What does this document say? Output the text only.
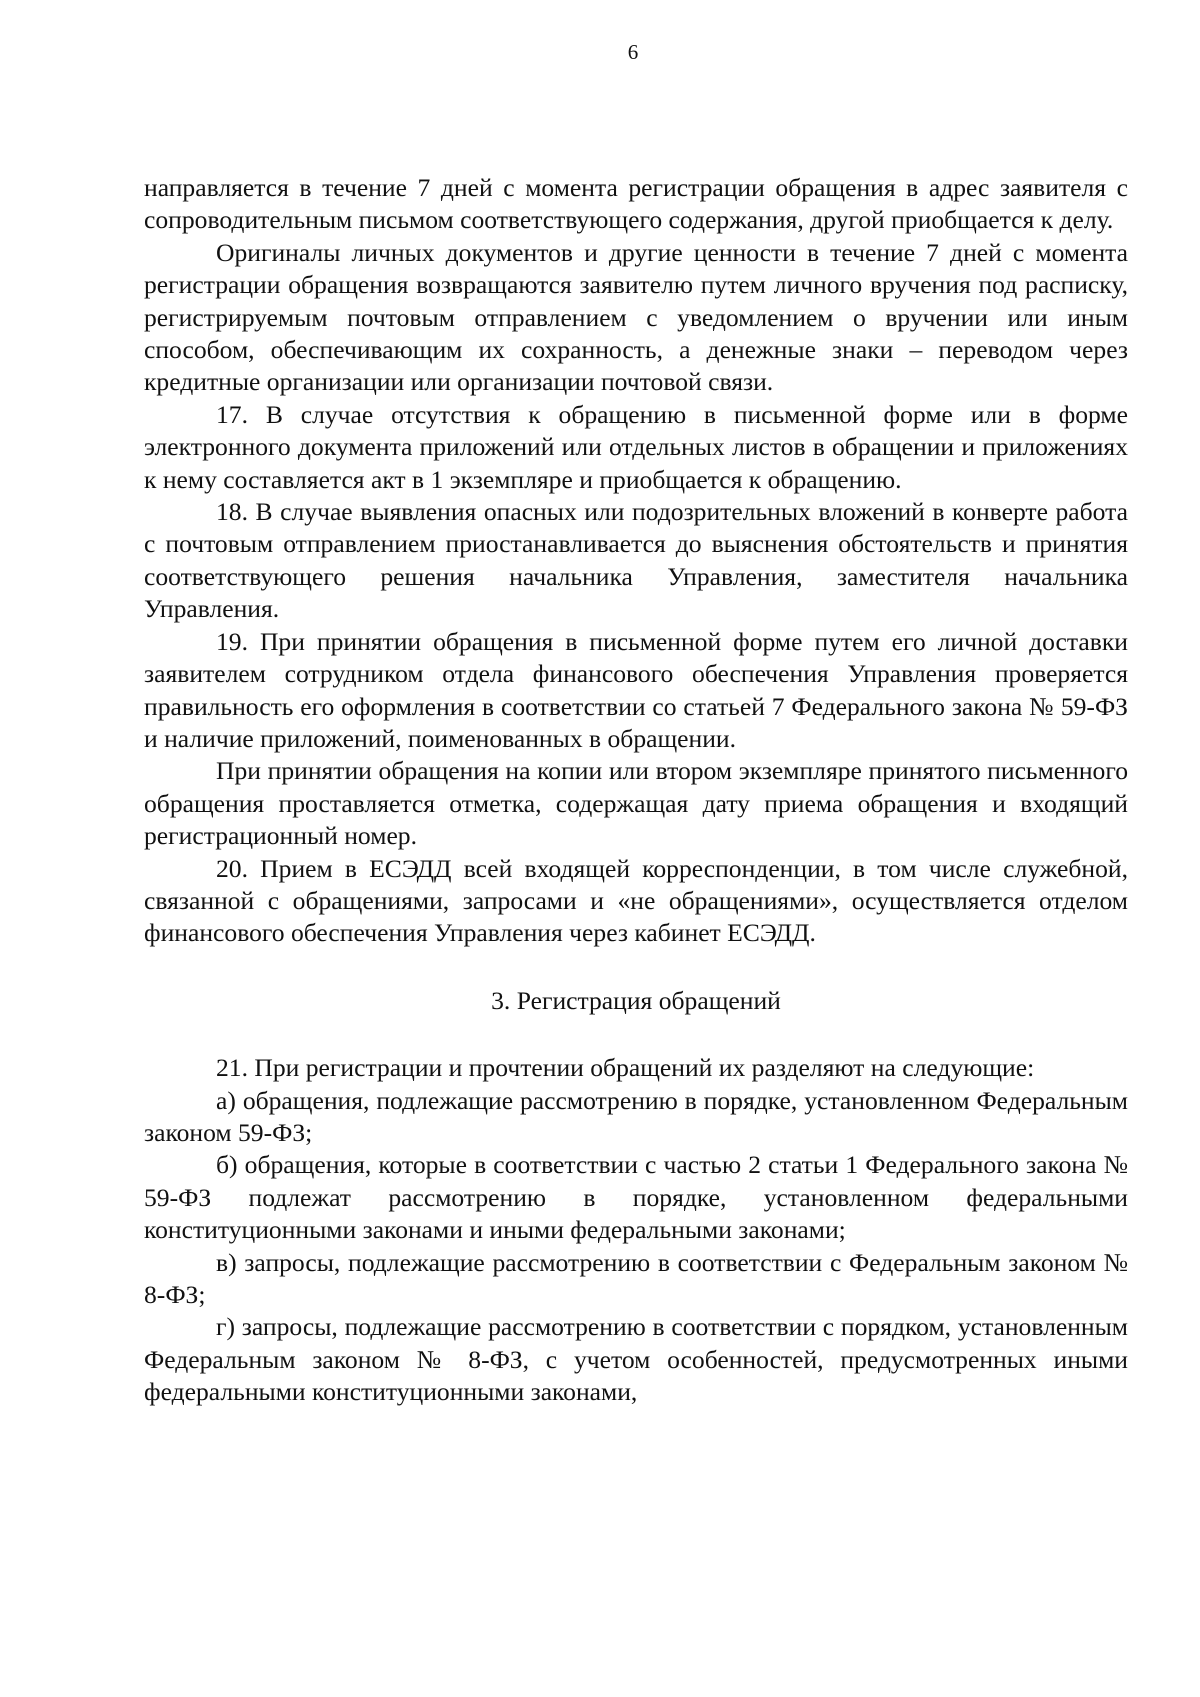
6

направляется в течение 7 дней с момента регистрации обращения в адрес заявителя с сопроводительным письмом соответствующего содержания, другой приобщается к делу.

Оригиналы личных документов и другие ценности в течение 7 дней с момента регистрации обращения возвращаются заявителю путем личного вручения под расписку, регистрируемым почтовым отправлением с уведомлением о вручении или иным способом, обеспечивающим их сохранность, а денежные знаки – переводом через кредитные организации или организации почтовой связи.

17. В случае отсутствия к обращению в письменной форме или в форме электронного документа приложений или отдельных листов в обращении и приложениях к нему составляется акт в 1 экземпляре и приобщается к обращению.

18. В случае выявления опасных или подозрительных вложений в конверте работа с почтовым отправлением приостанавливается до выяснения обстоятельств и принятия соответствующего решения начальника Управления, заместителя начальника Управления.

19. При принятии обращения в письменной форме путем его личной доставки заявителем сотрудником отдела финансового обеспечения Управления проверяется правильность его оформления в соответствии со статьей 7 Федерального закона № 59-ФЗ и наличие приложений, поименованных в обращении.

При принятии обращения на копии или втором экземпляре принятого письменного обращения проставляется отметка, содержащая дату приема обращения и входящий регистрационный номер.

20. Прием в ЕСЭДД всей входящей корреспонденции, в том числе служебной, связанной с обращениями, запросами и «не обращениями», осуществляется отделом финансового обеспечения Управления через кабинет ЕСЭДД.

3. Регистрация обращений

21. При регистрации и прочтении обращений их разделяют на следующие:

а) обращения, подлежащие рассмотрению в порядке, установленном Федеральным законом 59-ФЗ;

б) обращения, которые в соответствии с частью 2 статьи 1 Федерального закона № 59-ФЗ подлежат рассмотрению в порядке, установленном федеральными конституционными законами и иными федеральными законами;

в) запросы, подлежащие рассмотрению в соответствии с Федеральным законом № 8-ФЗ;

г) запросы, подлежащие рассмотрению в соответствии с порядком, установленным Федеральным законом № 8-ФЗ, с учетом особенностей, предусмотренных иными федеральными конституционными законами,
